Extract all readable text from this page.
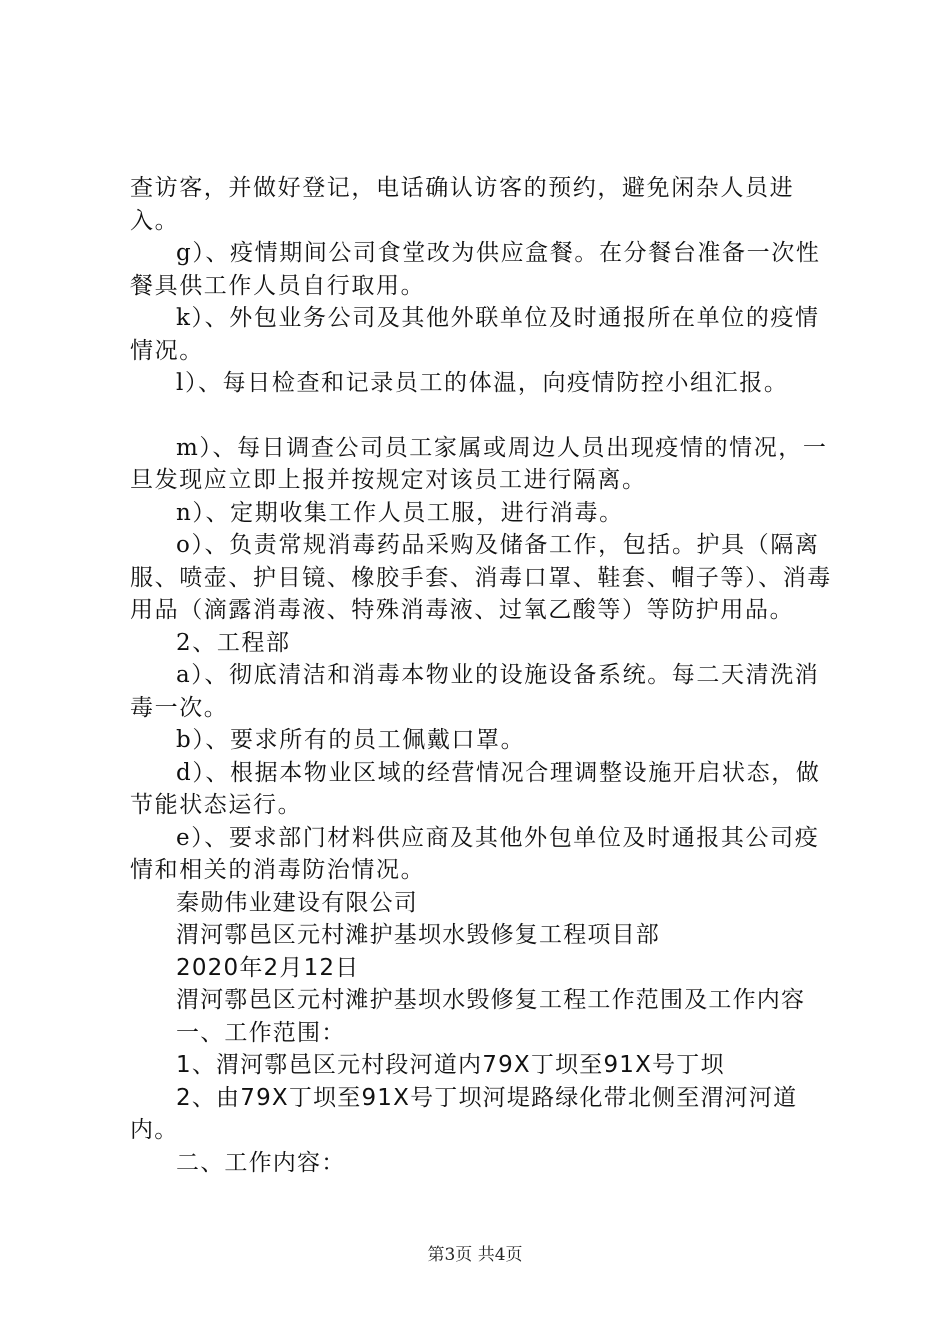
查访客，并做好登记，电话确认访客的预约，避免闲杂人员进入。

g）、疫情期间公司食堂改为供应盒餐。在分餐台准备一次性餐具供工作人员自行取用。

k）、外包业务公司及其他外联单位及时通报所在单位的疫情情况。

l）、每日检查和记录员工的体温，向疫情防控小组汇报。

m）、每日调查公司员工家属或周边人员出现疫情的情况，一旦发现应立即上报并按规定对该员工进行隔离。

n）、定期收集工作人员工服，进行消毒。

o）、负责常规消毒药品采购及储备工作，包括。护具（隔离服、喷壶、护目镜、橡胶手套、消毒口罩、鞋套、帽子等）、消毒用品（滴露消毒液、特殊消毒液、过氧乙酸等）等防护用品。

2、工程部

a）、彻底清洁和消毒本物业的设施设备系统。每二天清洗消毒一次。

b）、要求所有的员工佩戴口罩。

d）、根据本物业区域的经营情况合理调整设施开启状态，做节能状态运行。

e）、要求部门材料供应商及其他外包单位及时通报其公司疫情和相关的消毒防治情况。

秦勋伟业建设有限公司

渭河鄠邑区元村滩护基坝水毁修复工程项目部

2020年2月12日

渭河鄠邑区元村滩护基坝水毁修复工程工作范围及工作内容

一、工作范围：

1、渭河鄠邑区元村段河道内79X丁坝至91X号丁坝

2、由79X丁坝至91X号丁坝河堤路绿化带北侧至渭河河道内。

二、工作内容：

第3页 共4页
